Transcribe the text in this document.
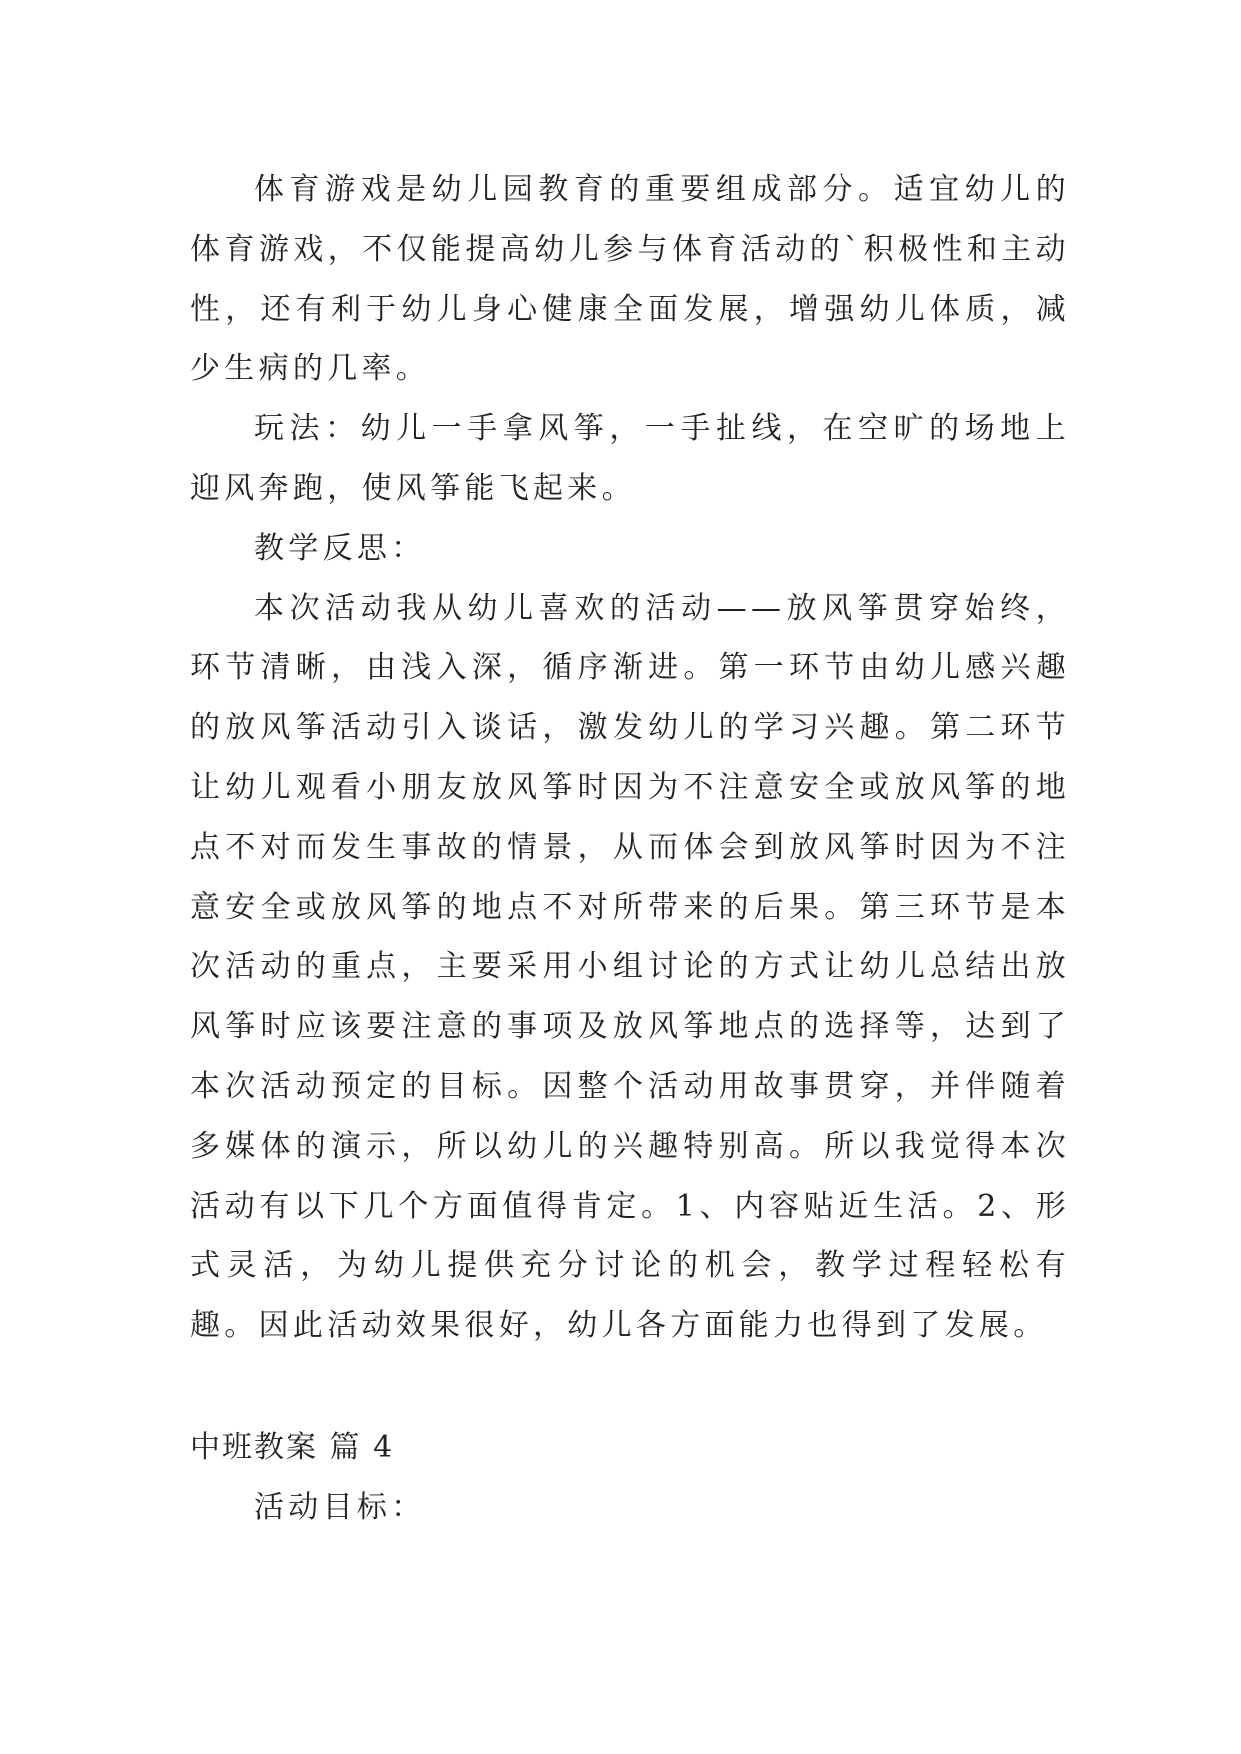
体育游戏是幼儿园教育的重要组成部分。适宜幼儿的体育游戏，不仅能提高幼儿参与体育活动的`积极性和主动性，还有利于幼儿身心健康全面发展，增强幼儿体质，减少生病的几率。

玩法：幼儿一手拿风筝，一手扯线，在空旷的场地上迎风奔跑，使风筝能飞起来。

教学反思：

本次活动我从幼儿喜欢的活动——放风筝贯穿始终，环节清晰，由浅入深，循序渐进。第一环节由幼儿感兴趣的放风筝活动引入谈话，激发幼儿的学习兴趣。第二环节让幼儿观看小朋友放风筝时因为不注意安全或放风筝的地点不对而发生事故的情景，从而体会到放风筝时因为不注意安全或放风筝的地点不对所带来的后果。第三环节是本次活动的重点，主要采用小组讨论的方式让幼儿总结出放风筝时应该要注意的事项及放风筝地点的选择等，达到了本次活动预定的目标。因整个活动用故事贯穿，并伴随着多媒体的演示，所以幼儿的兴趣特别高。所以我觉得本次活动有以下几个方面值得肯定。1、内容贴近生活。2、形式灵活，为幼儿提供充分讨论的机会，教学过程轻松有趣。因此活动效果很好，幼儿各方面能力也得到了发展。

中班教案 篇 4

活动目标：
